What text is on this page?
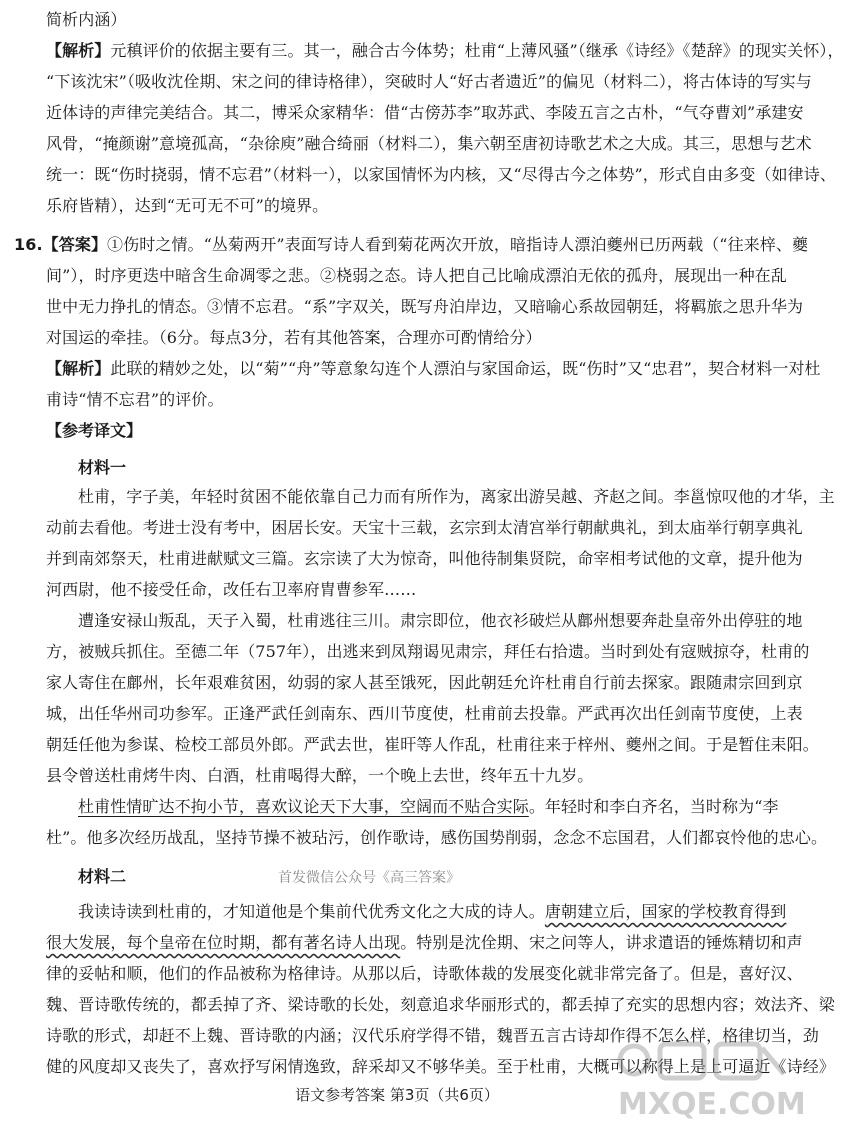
简析内涵）
【解析】元稹评价的依据主要有三。其一，融合古今体势；杜甫“上薄风骚”（继承《诗经》《楚辞》的现实关怀），
“下该沈宋”（吸收沈佺期、宋之问的律诗格律），突破时人“好古者遗近”的偏见（材料二），将古体诗的写实与
近体诗的声律完美结合。其二，博采众家精华：借“古傍苏李”取苏武、李陵五言之古朴，“气夺曹刘”承建安
风骨，“掩颜谢”意境孤高，“杂徐庾”融合绮丽（材料二），集六朝至唐初诗歌艺术之大成。其三，思想与艺术
统一：既“伤时挠弱，情不忘君”（材料一），以家国情怀为内核，又“尽得古今之体势”，形式自由多变（如律诗、
乐府皆精），达到“无可无不可”的境界。
16.【答案】①伤时之情。“丛菊两开”表面写诗人看到菊花两次开放，暗指诗人漂泊夔州已历两载（“往来梓、夔
间”），时序更迭中暗含生命凋零之悲。②桡弱之态。诗人把自己比喻成漂泊无依的孤舟，展现出一种在乱
世中无力挣扎的情态。③情不忘君。“系”字双关，既写舟泊岸边，又暗喻心系故园朝廷，将羁旅之思升华为
对国运的牵挂。（6分。每点3分，若有其他答案，合理亦可酌情给分）
【解析】此联的精妙之处，以“菊”“舟”等意象勾连个人漂泊与家国命运，既“伤时”又“忠君”，契合材料一对杜
甫诗“情不忘君”的评价。
【参考译文】
材料一
杜甫，字子美，年轻时贫困不能依靠自己力而有所作为，离家出游吴越、齐赵之间。李邕惊叹他的才华，主
动前去看他。考进士没有考中，困居长安。天宝十三载，玄宗到太清宫举行朝献典礼，到太庙举行朝享典礼
并到南郊祭天，杜甫进献赋文三篇。玄宗读了大为惊奇，叫他待制集贤院，命宰相考试他的文章，提升他为
河西尉，他不接受任命，改任右卫率府胄曹参军……
遭逢安禄山叛乱，天子入蜀，杜甫逃往三川。肃宗即位，他衣衫破烂从鄜州想要奔赴皇帝外出停驻的地
方，被贼兵抓住。至德二年（757年），出逃来到凤翔谒见肃宗，拜任右拾遗。当时到处有寇贼掠夺，杜甫的
家人寄住在鄜州，长年艰难贫困，幼弱的家人甚至饿死，因此朝廷允许杜甫自行前去探家。跟随肃宗回到京
城，出任华州司功参军。正逢严武任剑南东、西川节度使，杜甫前去投靠。严武再次出任剑南节度使，上表
朝廷任他为参谋、检校工部员外郎。严武去世，崔旰等人作乱，杜甫往来于梓州、夔州之间。于是暂住耒阳。
县令曾送杜甫烤牛肉、白酒，杜甫喝得大醉，一个晚上去世，终年五十九岁。
杜甫性情旷达不拘小节，喜欢议论天下大事，空阔而不贴合实际。年轻时和李白齐名，当时称为“李
杜”。他多次经历战乱，坚持节操不被玷污，创作歌诗，感伤国势削弱，念念不忘国君，人们都哀怜他的忠心。
材料二	首发微信公众号《高三答案》
我读诗读到杜甫的，才知道他是个集前代优秀文化之大成的诗人。唐朝建立后，国家的学校教育得到
很大发展，每个皇帝在位时期，都有著名诗人出现。特别是沈佺期、宋之问等人，讲求遣语的锤炼精切和声
律的妥帖和顺，他们的作品被称为格律诗。从那以后，诗歌体裁的发展变化就非常完备了。但是，喜好汉、
魏、晋诗歌传统的，都丢掉了齐、梁诗歌的长处，刻意追求华丽形式的，都丢掉了充实的思想内容；效法齐、梁
诗歌的形式，却赶不上魏、晋诗歌的内涵；汉代乐府学得不错，魏晋五言古诗却作得不怎么样，格律切当，劲
健的风度却又丧失了，喜欢抒写闲情逸致，辞采却又不够华美。至于杜甫，大概可以称得上是上可逼近《诗经》
语文参考答案 第3页（共6页）	MXQE.COM
